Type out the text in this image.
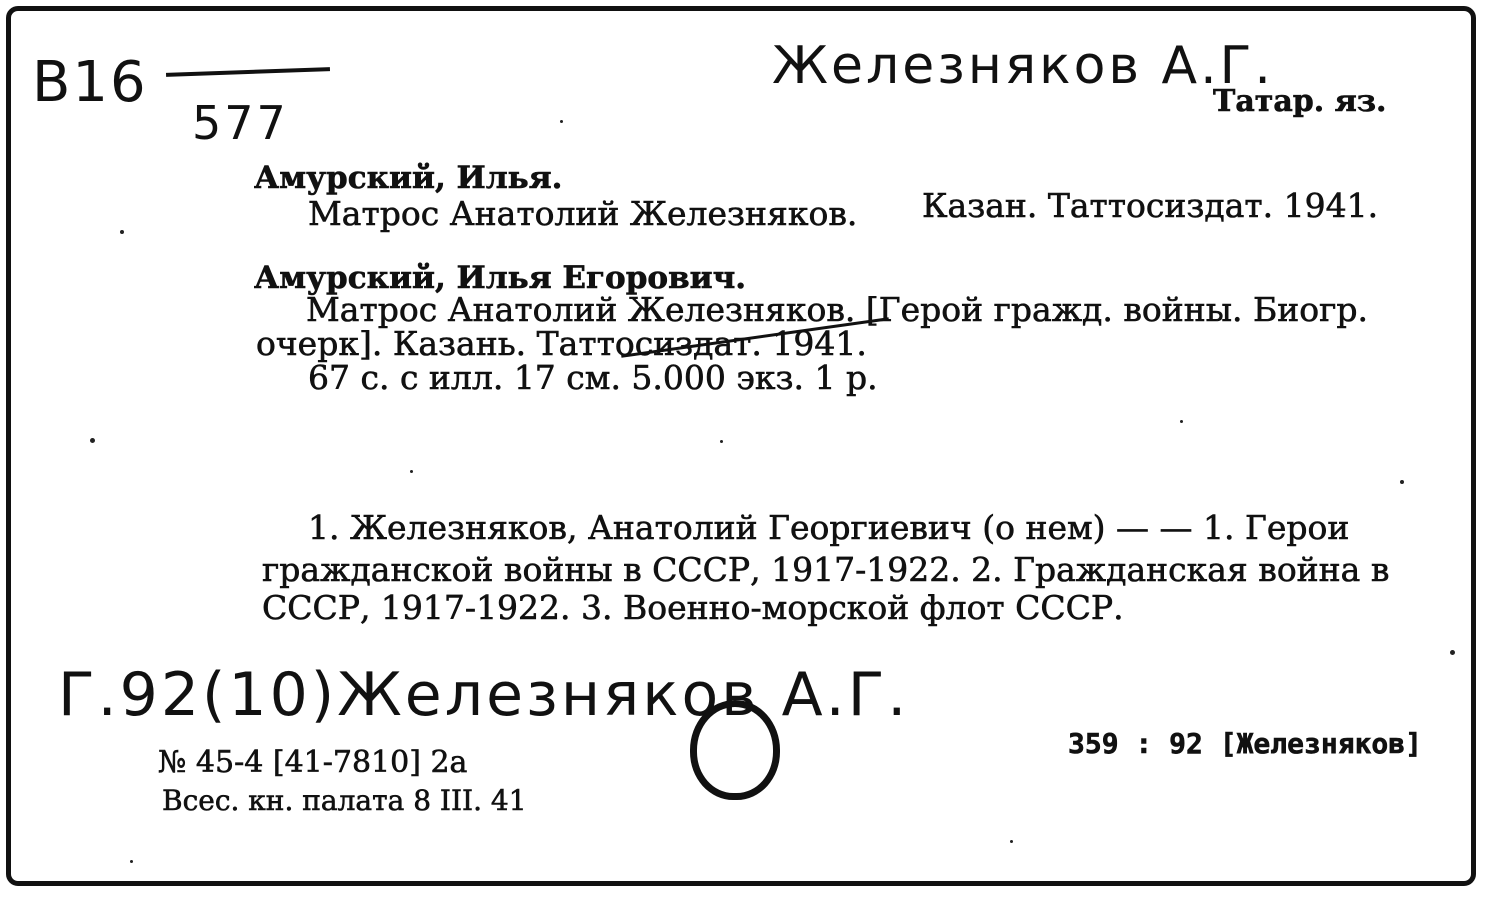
В16
577
Железняков А.Г.
Татар. яз.
Амурский, Илья.
Матрос Анатолий Железняков. Казан. Таттосиздат. 1941.
Амурский, Илья Егорович.
Матрос Анатолий Железняков. [Герой гражд. войны. Биогр.
очерк]. Казань. Таттосиздат. 1941.
67 с. с илл. 17 см. 5.000 экз. 1 р.
1. Железняков, Анатолий Георгиевич (о нем) — — 1. Герои
гражданской войны в СССР, 1917-1922. 2. Гражданская война в
СССР, 1917-1922. 3. Военно-морской флот СССР.
Г.92(10)Железняков А.Г.
№ 45-4 [41-7810] 2а
Всес. кн. палата 8 III. 41
359 : 92 [Железняков]
